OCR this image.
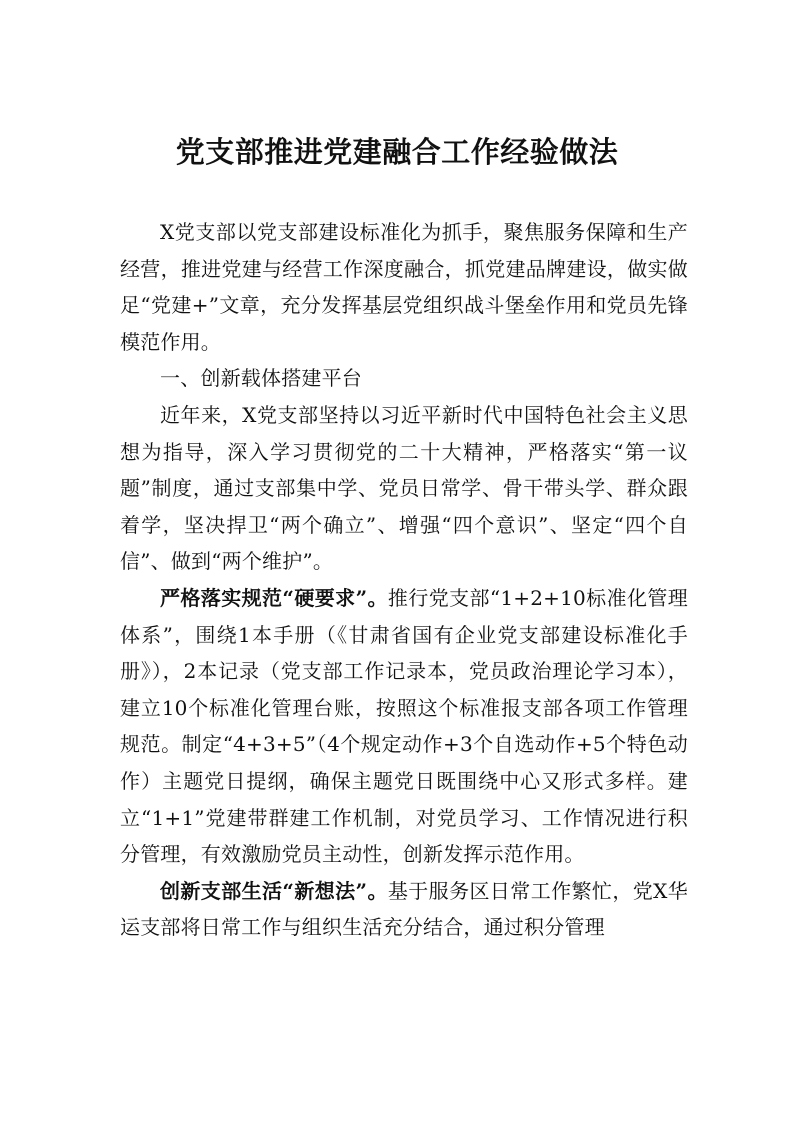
党支部推进党建融合工作经验做法

X党支部以党支部建设标准化为抓手，聚焦服务保障和生产经营，推进党建与经营工作深度融合，抓党建品牌建设，做实做足“党建+”文章，充分发挥基层党组织战斗堡垒作用和党员先锋模范作用。

一、创新载体搭建平台

近年来，X党支部坚持以习近平新时代中国特色社会主义思想为指导，深入学习贯彻党的二十大精神，严格落实“第一议题”制度，通过支部集中学、党员日常学、骨干带头学、群众跟着学，坚决捍卫“两个确立”、增强“四个意识”、坚定“四个自信”、做到“两个维护”。

严格落实规范“硬要求”。推行党支部“1+2+10标准化管理体系”，围绕1本手册（《甘肃省国有企业党支部建设标准化手册》），2本记录（党支部工作记录本，党员政治理论学习本），建立10个标准化管理台账，按照这个标准报支部各项工作管理规范。制定“4+3+5”（4个规定动作+3个自选动作+5个特色动作）主题党日提纲，确保主题党日既围绕中心又形式多样。建立“1+1”党建带群建工作机制，对党员学习、工作情况进行积分管理，有效激励党员主动性，创新发挥示范作用。

创新支部生活“新想法”。基于服务区日常工作繁忙，党X华运支部将日常工作与组织生活充分结合，通过积分管理
